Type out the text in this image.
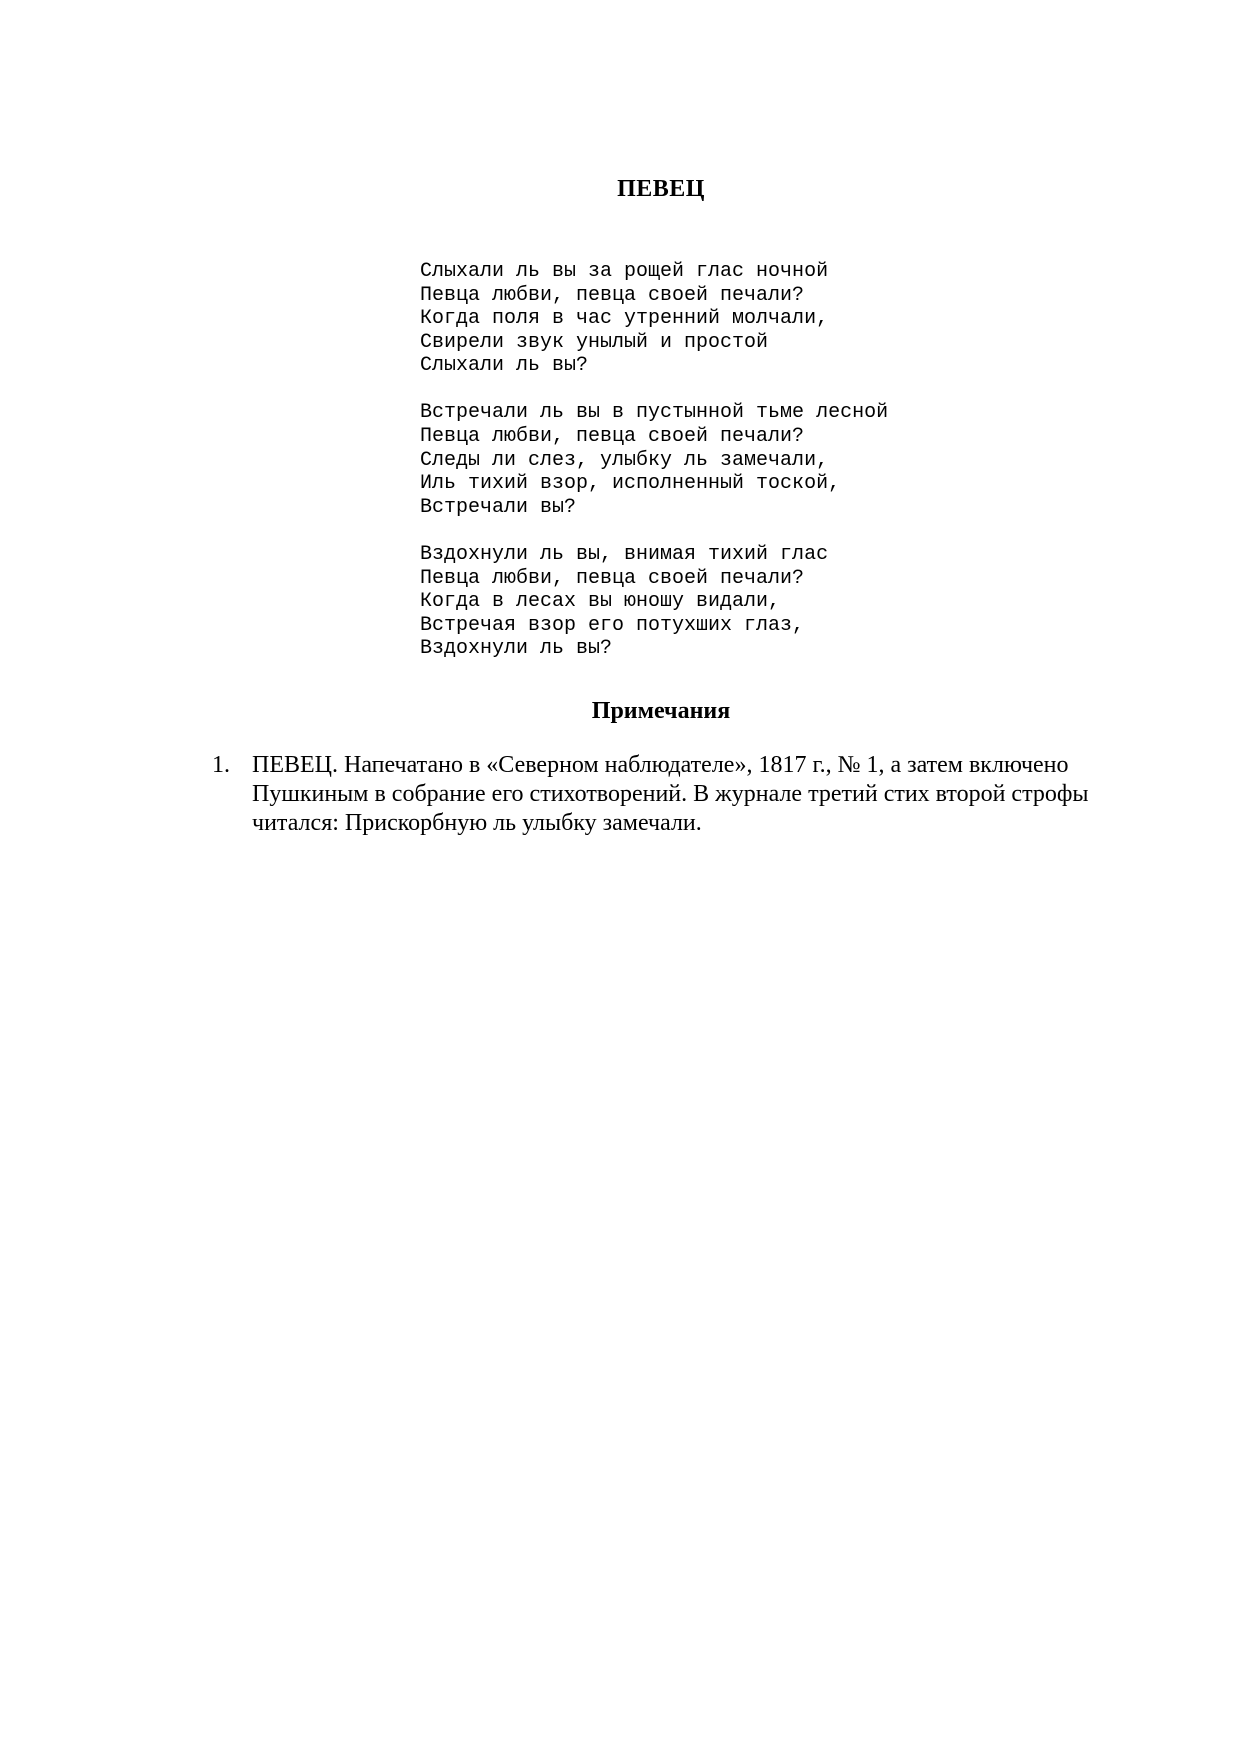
ПЕВЕЦ
Слыхали ль вы за рощей глас ночной
Певца любви, певца своей печали?
Когда поля в час утренний молчали,
Свирели звук унылый и простой
Слыхали ль вы?
Встречали ль вы в пустынной тьме лесной
Певца любви, певца своей печали?
Следы ли слез, улыбку ль замечали,
Иль тихий взор, исполненный тоской,
Встречали вы?
Вздохнули ль вы, внимая тихий глас
Певца любви, певца своей печали?
Когда в лесах вы юношу видали,
Встречая взор его потухших глаз,
Вздохнули ль вы?
Примечания
1. ПЕВЕЦ. Напечатано в «Северном наблюдателе», 1817 г., № 1, а затем включено Пушкиным в собрание его стихотворений. В журнале третий стих второй строфы читался: Прискорбную ль улыбку замечали.
